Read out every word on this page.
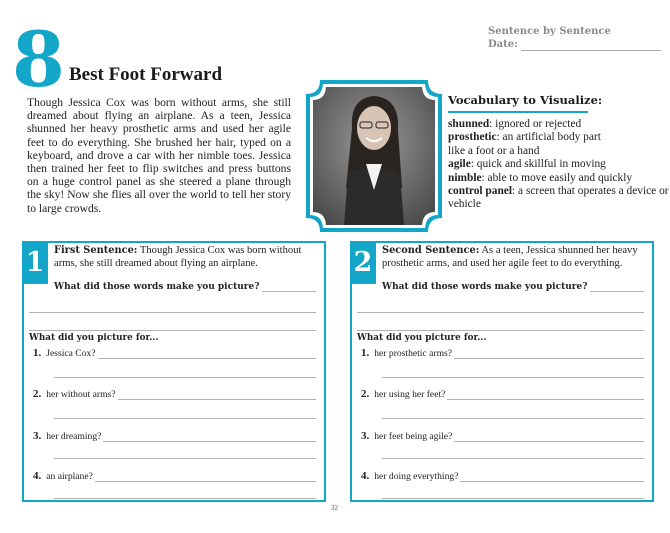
8 Best Foot Forward
Sentence by Sentence
Date:

Though Jessica Cox was born without arms, she still dreamed about flying an airplane. As a teen, Jessica shunned her heavy prosthetic arms and used her agile feet to do everything. She brushed her hair, typed on a keyboard, and drove a car with her nimble toes. Jessica then trained her feet to flip switches and press buttons on a huge control panel as she steered a plane through the sky! Now she flies all over the world to tell her story to large crowds.

Vocabulary to Visualize:
shunned: ignored or rejected
prosthetic: an artificial body part like a foot or a hand
agile: quick and skillful in moving
nimble: able to move easily and quickly
control panel: a screen that operates a device or vehicle
1 First Sentence: Though Jessica Cox was born without arms, she still dreamed about flying an airplane.

What did those words make you picture?
What did you picture for...
1. Jessica Cox?
2. her without arms?
3. her dreaming?
4. an airplane?
2 Second Sentence: As a teen, Jessica shunned her heavy prosthetic arms, and used her agile feet to do everything.

What did those words make you picture?
What did you picture for...
1. her prosthetic arms?
2. her using her feet?
3. her feet being agile?
4. her doing everything?
32
